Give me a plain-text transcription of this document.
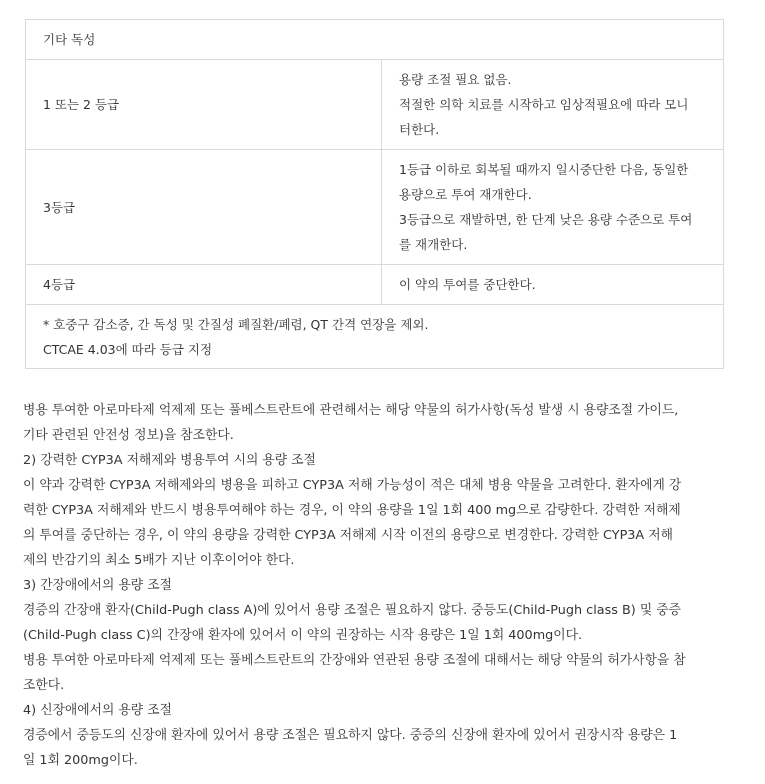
기타 독성	
1 또는 2 등급	용량 조절 필요 없음.

적절한 의학 치료를 시작하고 임상적필요에 따라 모니

터한다.

3등급	1등급 이하로 회복될 때까지 일시중단한 다음, 동일한

용량으로 투여 재개한다.

3등급으로 재발하면, 한 단계 낮은 용량 수준으로 투여

를 재개한다.

4등급	이 약의 투여를 중단한다.

* 호중구 감소증, 간 독성 및 간질성 폐질환/폐렴, QT 간격 연장을 제외.

CTCAE 4.03에 따라 등급 지정	

병용 투여한 아로마타제 억제제 또는 풀베스트란트에 관련해서는 해당 약물의 허가사항(독성 발생 시 용량조절 가이드,

기타 관련된 안전성 정보)을 참조한다.

2) 강력한 CYP3A 저해제와 병용투여 시의 용량 조절

이 약과 강력한 CYP3A 저해제와의 병용을 피하고 CYP3A 저해 가능성이 적은 대체 병용 약물을 고려한다. 환자에게 강

력한 CYP3A 저해제와 반드시 병용투여해야 하는 경우, 이 약의 용량을 1일 1회 400 mg으로 감량한다. 강력한 저해제

의 투여를 중단하는 경우, 이 약의 용량을 강력한 CYP3A 저해제 시작 이전의 용량으로 변경한다. 강력한 CYP3A 저해

제의 반감기의 최소 5배가 지난 이후이어야 한다.

3) 간장애에서의 용량 조절

경증의 간장애 환자(Child-Pugh class A)에 있어서 용량 조절은 필요하지 않다. 중등도(Child-Pugh class B) 및 중증

(Child-Pugh class C)의 간장애 환자에 있어서 이 약의 권장하는 시작 용량은 1일 1회 400mg이다.

병용 투여한 아로마타제 억제제 또는 풀베스트란트의 간장애와 연관된 용량 조절에 대해서는 해당 약물의 허가사항을 참

조한다.

4) 신장애에서의 용량 조절

경증에서 중등도의 신장애 환자에 있어서 용량 조절은 필요하지 않다. 중증의 신장애 환자에 있어서 권장시작 용량은 1

일 1회 200mg이다.
